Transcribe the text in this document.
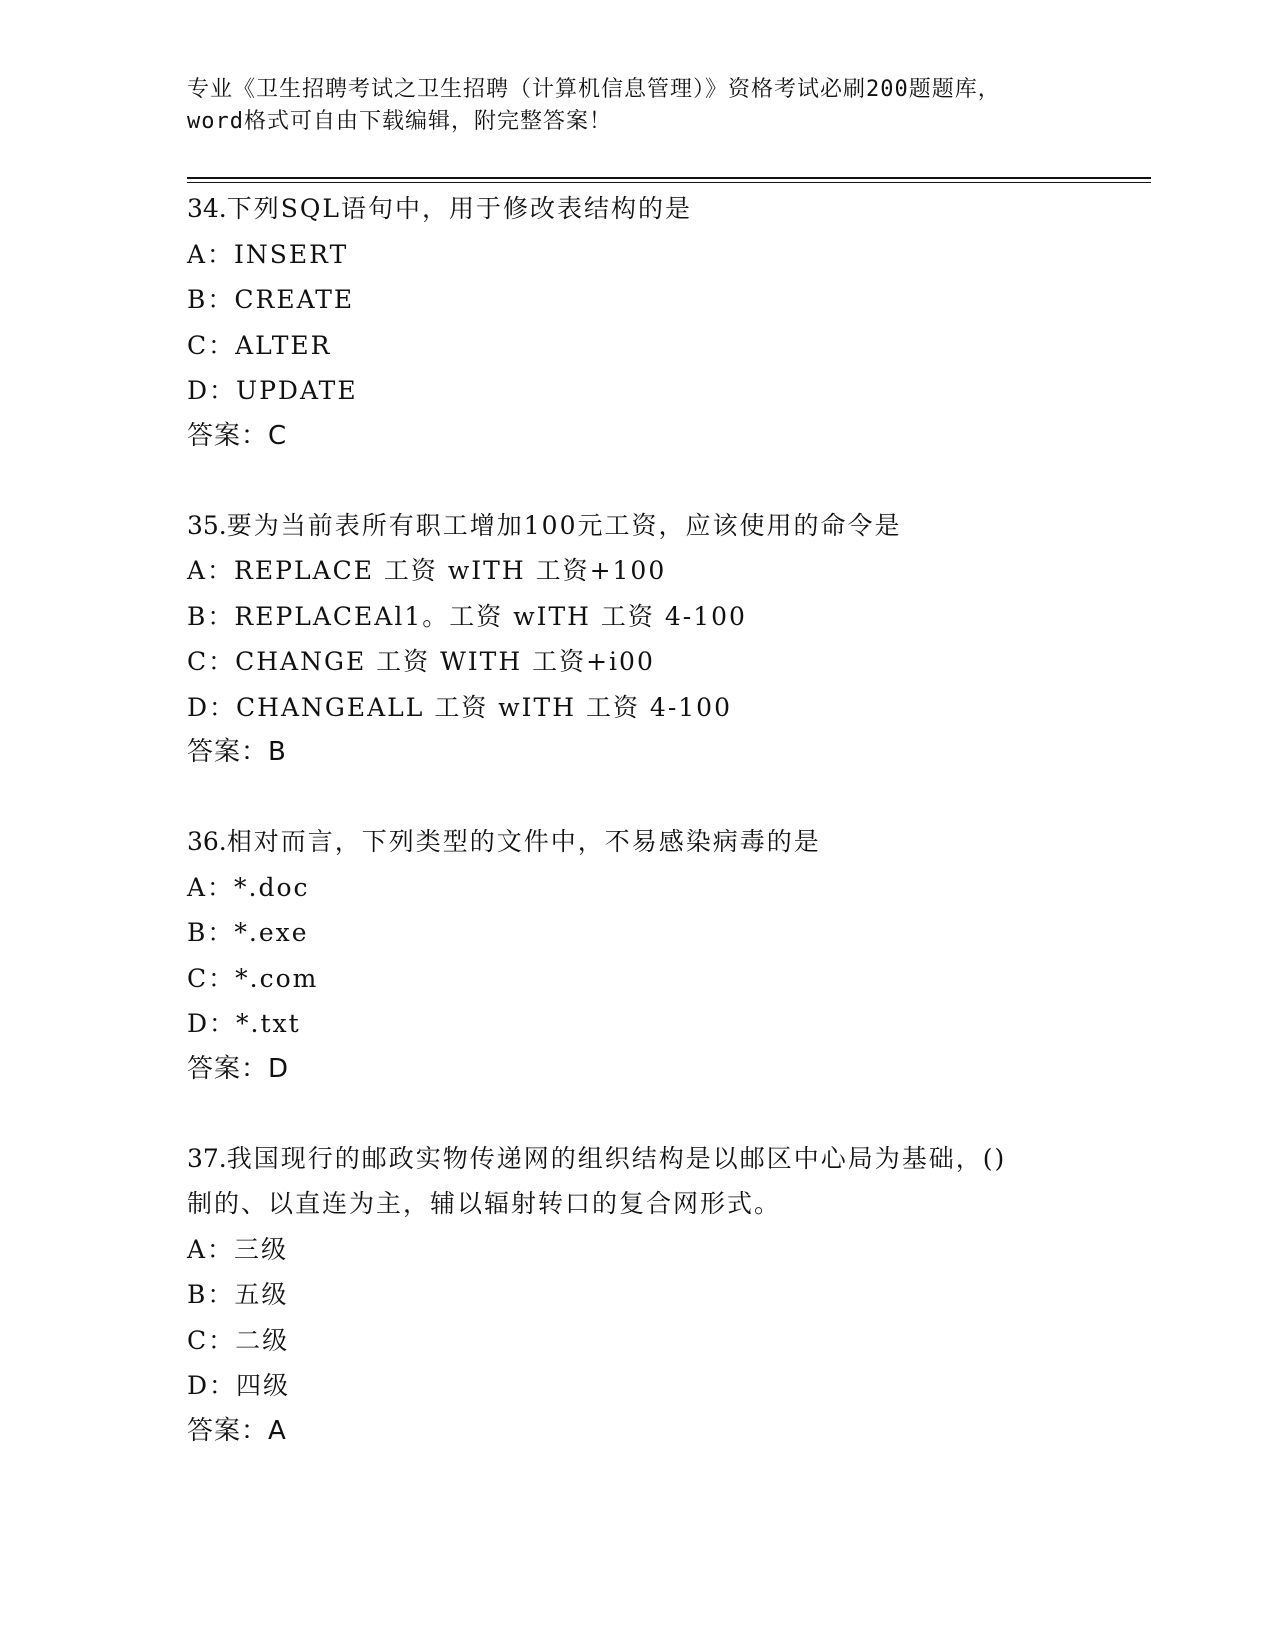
专业《卫生招聘考试之卫生招聘（计算机信息管理）》资格考试必刷200题题库，
word格式可自由下载编辑，附完整答案！
34.下列SQL语句中，用于修改表结构的是
A：INSERT
B：CREATE
C：ALTER
D：UPDATE
答案：C
35.要为当前表所有职工增加100元工资，应该使用的命令是
A：REPLACE 工资 wITH 工资+100
B：REPLACEAl1。工资 wITH 工资 4-100
C：CHANGE 工资 WITH 工资+i00
D：CHANGEALL 工资 wITH 工资 4-100
答案：B
36.相对而言，下列类型的文件中，不易感染病毒的是
A：*.doc
B：*.exe
C：*.com
D：*.txt
答案：D
37.我国现行的邮政实物传递网的组织结构是以邮区中心局为基础，()
制的、以直连为主，辅以辐射转口的复合网形式。
A：三级
B：五级
C：二级
D：四级
答案：A
